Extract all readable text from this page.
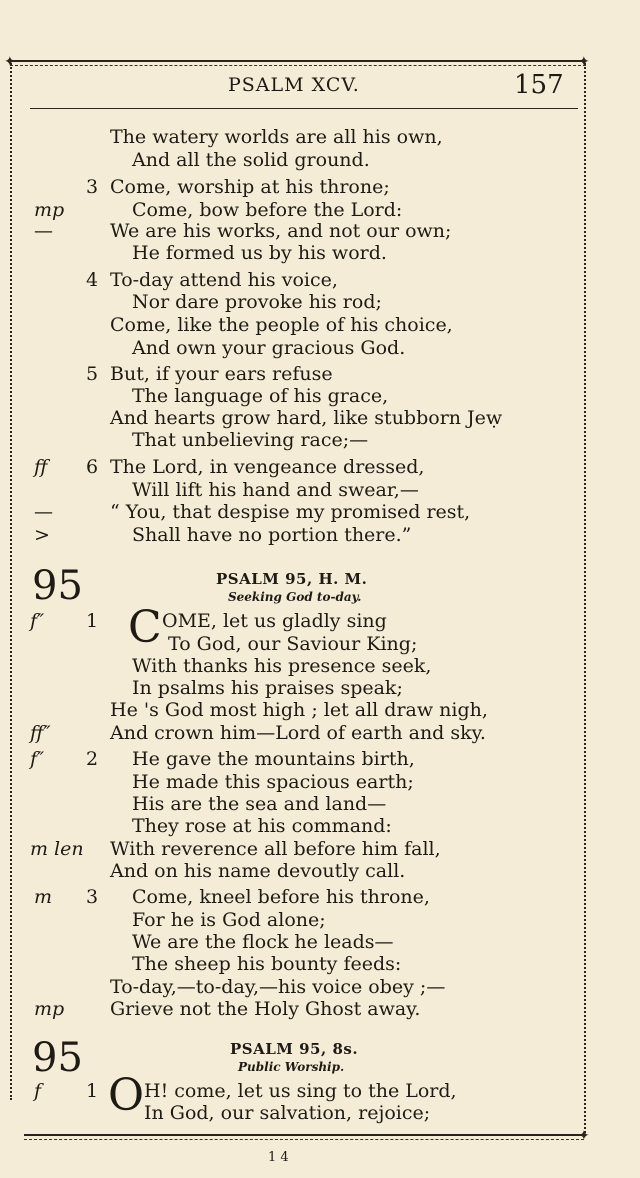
✦	✦
✦
PSALM XCV.	157
The watery worlds are all his own,
And all the solid ground.
3 Come, worship at his throne;
mp	Come, bow before the Lord:
—	We are his works, and not our own;
He formed us by his word.
4 To-day attend his voice,
Nor dare provoke his rod;
Come, like the people of his choice,
And own your gracious God.
5 But, if your ears refuse
The language of his grace,
And hearts grow hard, like stubborn Jeẉ
That unbelieving race;—
ff 6 The Lord, in vengeance dressed,
Will lift his hand and swear,—
—	“ You, that despise my promised rest,
>	Shall have no portion there.”
95	PSALM 95, H. M.
Seeking God to-day.
f″ 1 C OME, let us gladly sing
To God, our Saviour King;
With thanks his presence seek,
In psalms his praises speak;
He 's God most high ; let all draw nigh,
ff″	And crown him—Lord of earth and sky.
f″ 2 He gave the mountains birth,
He made this spacious earth;
His are the sea and land—
They rose at his command:
m len With reverence all before him fall,
And on his name devoutly call.
m 3 Come, kneel before his throne,
For he is God alone;
We are the flock he leads—
The sheep his bounty feeds:
To-day,—to-day,—his voice obey ;—
mp Grieve not the Holy Ghost away.
95	PSALM 95, 8s.
Public Worship.
f 1 O H! come, let us sing to the Lord,
In God, our salvation, rejoice;
1 4
